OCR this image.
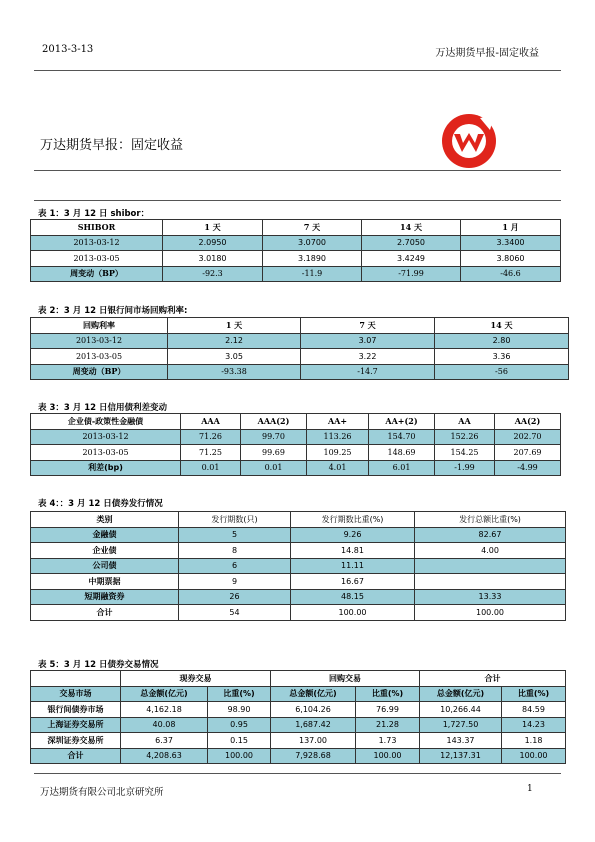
2013-3-13	万达期货早报-固定收益
万达期货早报：固定收益
表 1：3 月 12 日 shibor：
SHIBOR	1 天	7 天	14 天	1 月
2013-03-12	2.0950	3.0700	2.7050	3.3400
2013-03-05	3.0180	3.1890	3.4249	3.8060
周变动（BP）	-92.3	-11.9	-71.99	-46.6
表 2：3 月 12 日银行间市场回购利率:
回购利率	1 天	7 天	14 天
2013-03-12	2.12	3.07	2.80
2013-03-05	3.05	3.22	3.36
周变动（BP）	-93.38	-14.7	-56
表 3：3 月 12 日信用债利差变动
企业债-政策性金融债	AAA	AAA(2)	AA+	AA+(2)	AA	AA(2)
2013-03-12	71.26	99.70	113.26	154.70	152.26	202.70
2013-03-05	71.25	99.69	109.25	148.69	154.25	207.69
利差(bp)	0.01	0.01	4.01	6.01	-1.99	-4.99
表 4：：3 月 12 日债券发行情况
类别	发行期数(只)	发行期数比重(%)	发行总额比重(%)
金融债	5	9.26	82.67
企业债	8	14.81	4.00
公司债	6	11.11	
中期票据	9	16.67	
短期融资券	26	48.15	13.33
合计	54	100.00	100.00
表 5：3 月 12 日债券交易情况
	现券交易		回购交易		合计	
交易市场	总金额(亿元)	比重(%)	总金额(亿元)	比重(%)	总金额(亿元)	比重(%)
银行间债券市场	4,162.18	98.90	6,104.26	76.99	10,266.44	84.59
上海证券交易所	40.08	0.95	1,687.42	21.28	1,727.50	14.23
深圳证券交易所	6.37	0.15	137.00	1.73	143.37	1.18
合计	4,208.63	100.00	7,928.68	100.00	12,137.31	100.00
万达期货有限公司北京研究所	1
